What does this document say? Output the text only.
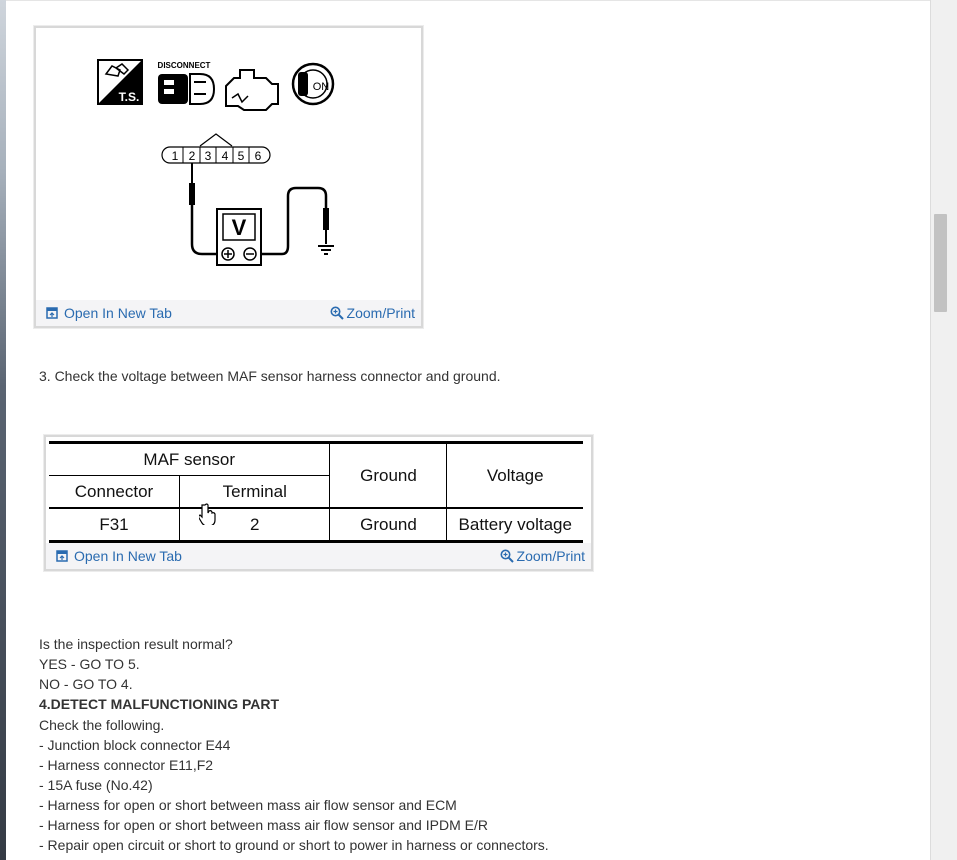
T.S.
DISCONNECT
ON
1 2 3 4 5 6
V
Open In New Tab	Zoom/Print
3. Check the voltage between MAF sensor harness connector and ground.
MAF sensor		Ground	Voltage
Connector	Terminal		
F31	2	Ground	Battery voltage
Open In New Tab	Zoom/Print
Is the inspection result normal?
YES - GO TO 5.
NO - GO TO 4.
4.DETECT MALFUNCTIONING PART
Check the following.
- Junction block connector E44
- Harness connector E11,F2
- 15A fuse (No.42)
- Harness for open or short between mass air flow sensor and ECM
- Harness for open or short between mass air flow sensor and IPDM E/R
- Repair open circuit or short to ground or short to power in harness or connectors.
